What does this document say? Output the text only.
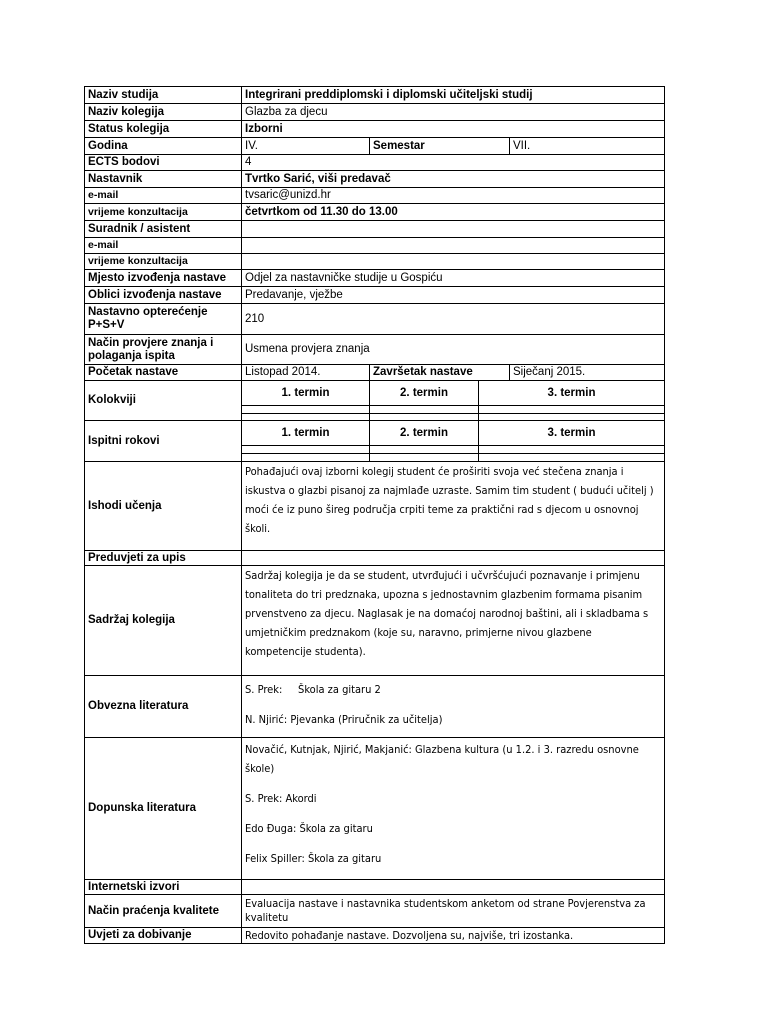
Naziv studija	Integrirani preddiplomski i diplomski učiteljski studij				
Naziv kolegija	Glazba za djecu				
Status kolegija	Izborni				
Godina	IV.	Semestar		VII.	
ECTS bodovi	4				
Nastavnik	Tvrtko Sarić, viši predavač				
e-mail	tvsaric@unizd.hr				
vrijeme konzultacija	četvrtkom od 11.30 do 13.00				
Suradnik / asistent					
e-mail					
vrijeme konzultacija					
Mjesto izvođenja nastave	Odjel za nastavničke studije u Gospiću				
Oblici izvođenja nastave	Predavanje, vježbe				
Nastavno opterećenje P+S+V	210				
Način provjere znanja i polaganja ispita	Usmena provjera znanja				
Početak nastave	Listopad 2014.	Završetak nastave		Siječanj 2015.	
Kolokviji	1. termin	2. termin	3. termin	

Ispitni rokovi	1. termin	2. termin	3. termin	

Ishodi učenja	Pohađajući ovaj izborni kolegij student će proširiti svoja već stečena znanja i iskustva o glazbi pisanoj za najmlađe uzraste. Samim tim student ( budući učitelj ) moći će iz puno šireg područja crpiti teme za praktični rad s djecom u osnovnoj školi.				
Preduvjeti za upis					
Sadržaj kolegija	Sadržaj kolegija je da se student, utvrđujući i učvršćujući poznavanje i primjenu tonaliteta do tri predznaka, upozna s jednostavnim glazbenim formama pisanim prvenstveno za djecu. Naglasak je na domaćoj narodnoj baštini, ali i skladbama s umjetničkim predznakom (koje su, naravno, primjerne nivou glazbene kompetencije studenta).				
Obvezna literatura	S. Prek:     Škola za gitaru 2

N. Njirić: Pjevanka (Priručnik za učitelja)				

Dopunska literatura	Novačić, Kutnjak, Njirić, Makjanić: Glazbena kultura (u 1.2. i 3. razredu osnovne škole)

S. Prek: Akordi

Edo Đuga: Škola za gitaru

Felix Spiller: Škola za gitaru				

Internetski izvori					
Način praćenja kvalitete	Evaluacija nastave i nastavnika studentskom anketom od strane Povjerenstva za kvalitetu				
Uvjeti za dobivanje	Redovito pohađanje nastave. Dozvoljena su, najviše, tri izostanka.				
